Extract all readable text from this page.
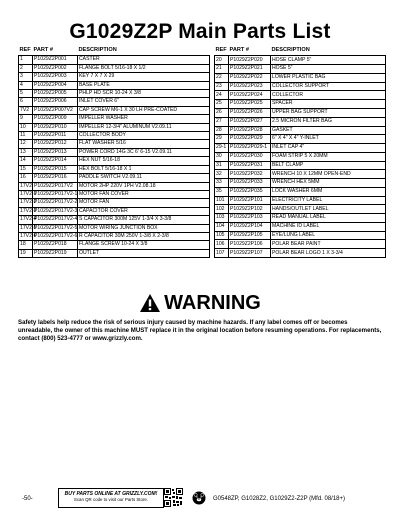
G1029Z2P Main Parts List
REF	PART #	DESCRIPTION
1	P1029Z2P001	CASTER
2	P1029Z2P002	FLANGE BOLT 5/16-18 X 1/2
3	P1029Z2P003	KEY 7 X 7 X 29
4	P1029Z2P004	BASE PLATE
5	P1029Z2P005	PHLP HD SCR 10-24 X 3/8
6	P1029Z2P006	INLET COVER 6"
7V2	P1029Z2P007V2	CAP SCREW M6-1 X 30 LH PRE-COATED
9	P1029Z2P009	IMPELLER WASHER
10	P1029Z2P010	IMPELLER 12-3/4" ALUMINUM V2.09.11
11	P1029Z2P011	COLLECTOR BODY
12	P1029Z2P012	FLAT WASHER 5/16
13	P1029Z2P013	POWER CORD 14G 3C 6' 6-15 V2.09.11
14	P1029Z2P014	HEX NUT 5/16-18
15	P1029Z2P015	HEX BOLT 5/16-18 X 1
16	P1029Z2P016	PADDLE SWITCH V2.09.11
17V2	P1029Z2P017V2	MOTOR 2HP 220V 1PH V2.08.18
17V2-1	P1029Z2P017V2-1	MOTOR FAN COVER
17V2-2	P1029Z2P017V2-2	MOTOR FAN
17V2-3	P1029Z2P017V2-3	CAPACITOR COVER
17V2-4	P1029Z2P017V2-4	S CAPACITOR 300M 125V 1-3/4 X 3-3/8
17V2-5	P1029Z2P017V2-5	MOTOR WIRING JUNCTION BOX
17V2-6	P1029Z2P017V2-6	R CAPACITOR 30M 250V 1-3/8 X 2-3/8
18	P1029Z2P018	FLANGE SCREW 10-24 X 3/8
19	P1029Z2P019	OUTLET
REF	PART #	DESCRIPTION
20	P1029Z2P020	HOSE CLAMP 5"
21	P1029Z2P021	HOSE 5"
22	P1029Z2P022	LOWER PLASTIC BAG
23	P1029Z2P023	COLLECTOR SUPPORT
24	P1029Z2P024	COLLECTOR
25	P1029Z2P025	SPACER
26	P1029Z2P026	UPPER BAG SUPPORT
27	P1029Z2P027	2.5 MICRON FILTER BAG
28	P1029Z2P028	GASKET
29	P1029Z2P029	6" X 4" X 4" Y-INLET
29-1	P1029Z2P029-1	INLET CAP 4"
30	P1029Z2P030	FOAM STRIP 5 X 20MM
31	P1029Z2P031	BELT CLAMP
32	P1029Z2P032	WRENCH 10 X 12MM OPEN-END
33	P1029Z2P033	WRENCH HEX 5MM
35	P1029Z2P035	LOCK WASHER 6MM
101	P1029Z2P101	ELECTRICITY LABEL
102	P1029Z2P102	HANDS/OUTLET LABEL
103	P1029Z2P103	READ MANUAL LABEL
104	P1029Z2P104	MACHINE ID LABEL
105	P1029Z2P105	EYE/LUNG LABEL
106	P1029Z2P106	POLAR BEAR PAINT
107	P1029Z2P107	POLAR BEAR LOGO 1 X 3-3/4
WARNING
Safety labels help reduce the risk of serious injury caused by machine hazards. If any label comes off or becomes unreadable, the owner of this machine MUST replace it in the original location before resuming operations. For replacements, contact (800) 523-4777 or www.grizzly.com.
-50-
BUY PARTS ONLINE AT GRIZZLY.COM!
Scan QR code to visit our Parts Store.	G0548ZP, G1028Z2, G1029Z2-Z2P (Mfd. 08/18+)
